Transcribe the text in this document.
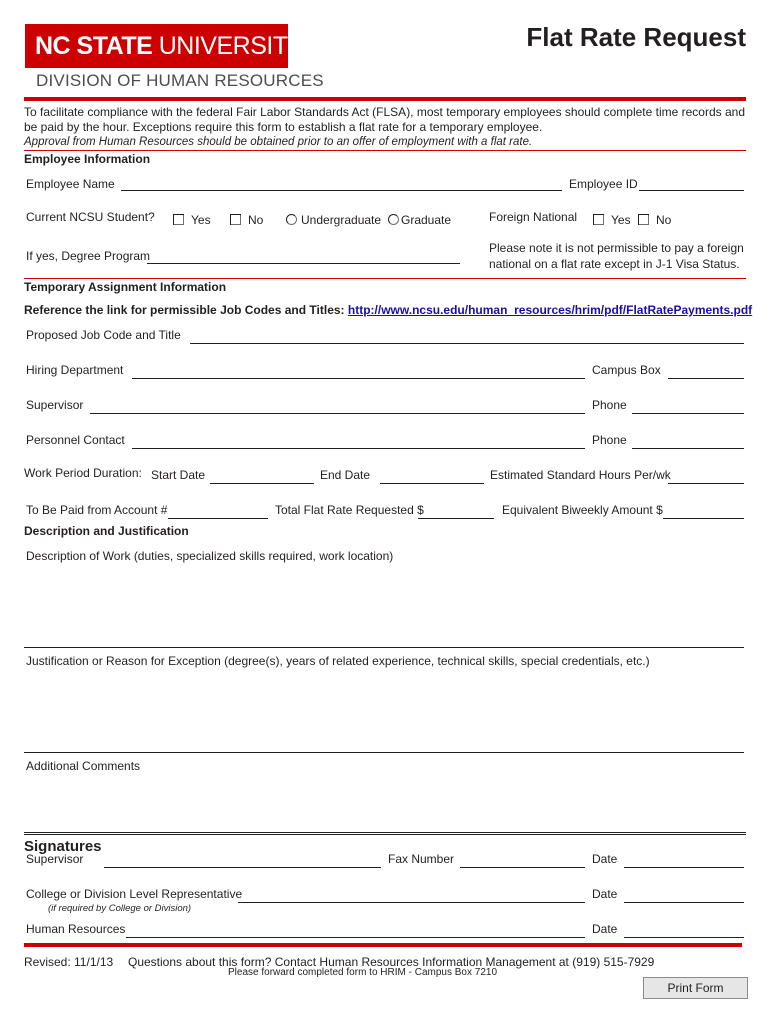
NC STATE UNIVERSITY
DIVISION OF HUMAN RESOURCES
Flat Rate Request
To facilitate compliance with the federal Fair Labor Standards Act (FLSA), most temporary employees should complete time records and be paid by the hour. Exceptions require this form to establish a flat rate for a temporary employee.
Approval from Human Resources should be obtained prior to an offer of employment with a flat rate.
Employee Information
Employee Name	Employee ID
Current NCSU Student?	Yes	No	Undergraduate Graduate	Foreign National	Yes No
If yes, Degree Program
Please note it is not permissible to pay a foreign
national on a flat rate except in J-1 Visa Status.
Temporary Assignment Information
Reference the link for permissible Job Codes and Titles: http://www.ncsu.edu/human_resources/hrim/pdf/FlatRatePayments.pdf
Proposed Job Code and Title
Hiring Department	Campus Box
Supervisor	Phone
Personnel Contact	Phone
Work Period Duration: Start Date	End Date	Estimated Standard Hours Per/wk
To Be Paid from Account #	Total Flat Rate Requested $	Equivalent Biweekly Amount $
Description and Justification
Description of Work (duties, specialized skills required, work location)
Justification or Reason for Exception (degree(s), years of related experience, technical skills, special credentials, etc.)
Additional Comments
Signatures
Supervisor	Fax Number	Date
College or Division Level Representative	Date
(if required by College or Division)
Human Resources	Date
Revised: 11/1/13 Questions about this form? Contact Human Resources Information Management at (919) 515-7929
Please forward completed form to HRIM - Campus Box 7210
Print Form
